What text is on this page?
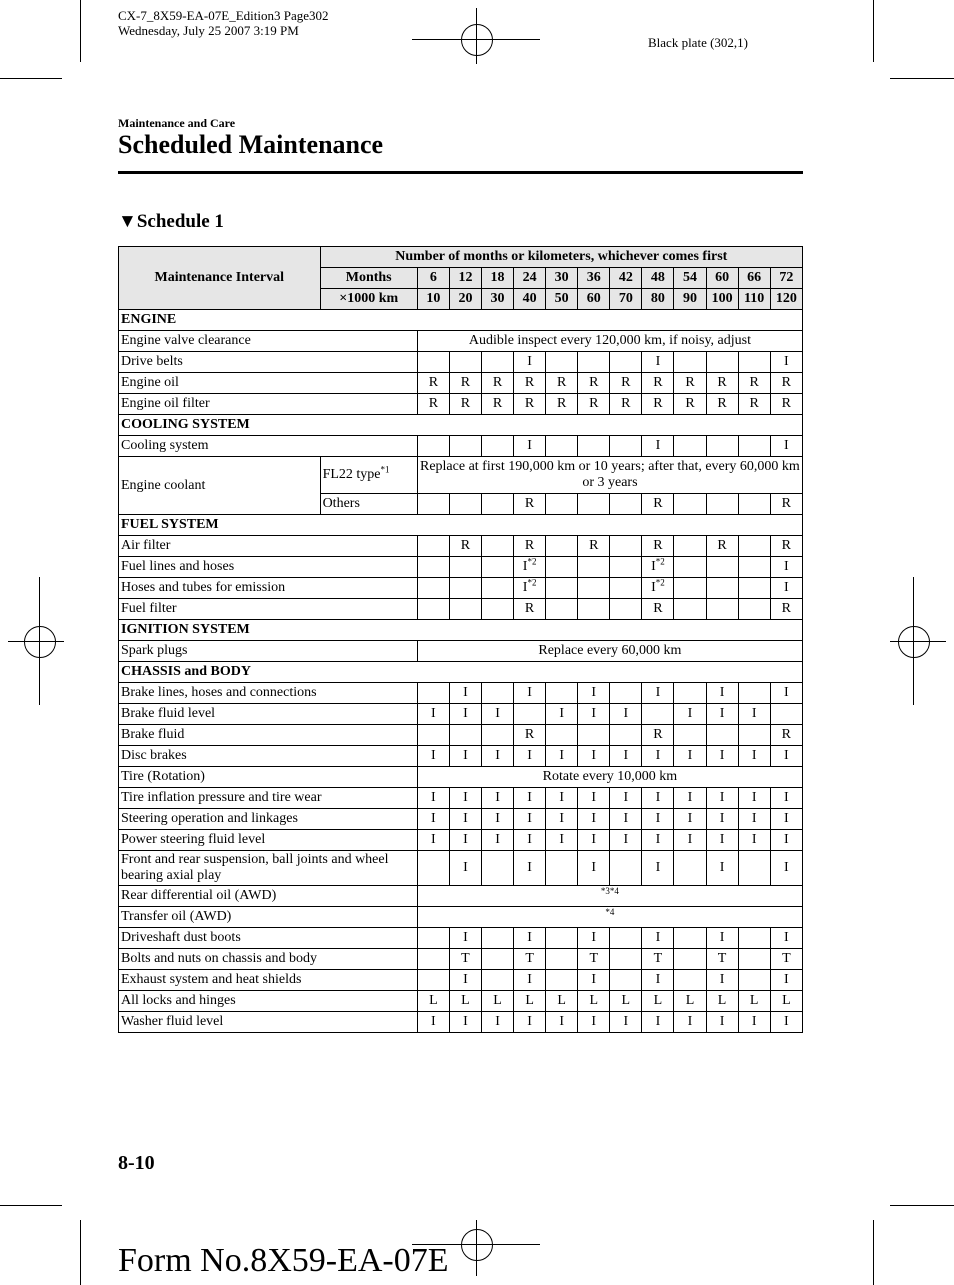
CX-7_8X59-EA-07E_Edition3 Page302
Wednesday, July 25 2007 3:19 PM
Black plate (302,1)
Maintenance and Care
Scheduled Maintenance
▼Schedule 1
Maintenance Interval	Number of months or kilometers, whichever comes first												
	Months	6	12	18	24	30	36	42	48	54	60	66	72
	×1000 km	10	20	30	40	50	60	70	80	90	100	110	120
ENGINE													
Engine valve clearance		Audible inspect every 120,000 km, if noisy, adjust											
Drive belts					I				I				I
Engine oil		R	R	R	R	R	R	R	R	R	R	R	R
Engine oil filter		R	R	R	R	R	R	R	R	R	R	R	R
COOLING SYSTEM													
Cooling system					I				I				I
Engine coolant	FL22 type$^{*1}$	Replace at first 190,000 km or 10 years; after that, every 60,000 km or 3 years											
	Others				R				R				R
FUEL SYSTEM													
Air filter			R		R		R		R		R		R
Fuel lines and hoses					$I^{*2}$				$I^{*2}$				I
Hoses and tubes for emission					$I^{*2}$				$I^{*2}$				I
Fuel filter					R				R				R
IGNITION SYSTEM													
Spark plugs		Replace every 60,000 km											
CHASSIS and BODY													
Brake lines, hoses and connections			I		I		I		I		I		I
Brake fluid level		I	I	I		I	I	I		I	I	I	
Brake fluid					R				R				R
Disc brakes		I	I	I	I	I	I	I	I	I	I	I	I
Tire (Rotation)		Rotate every 10,000 km											
Tire inflation pressure and tire wear		I	I	I	I	I	I	I	I	I	I	I	I
Steering operation and linkages		I	I	I	I	I	I	I	I	I	I	I	I
Power steering fluid level		I	I	I	I	I	I	I	I	I	I	I	I
Front and rear suspension, ball joints and wheel bearing axial play			I		I		I		I		I		I
Rear differential oil (AWD)		*3*4											
Transfer oil (AWD)		*4											
Driveshaft dust boots			I		I		I		I		I		I
Bolts and nuts on chassis and body			T		T		T		T		T		T
Exhaust system and heat shields			I		I		I		I		I		I
All locks and hinges		L	L	L	L	L	L	L	L	L	L	L	L
Washer fluid level		I	I	I	I	I	I	I	I	I	I	I	I
8-10
Form No.8X59-EA-07E
